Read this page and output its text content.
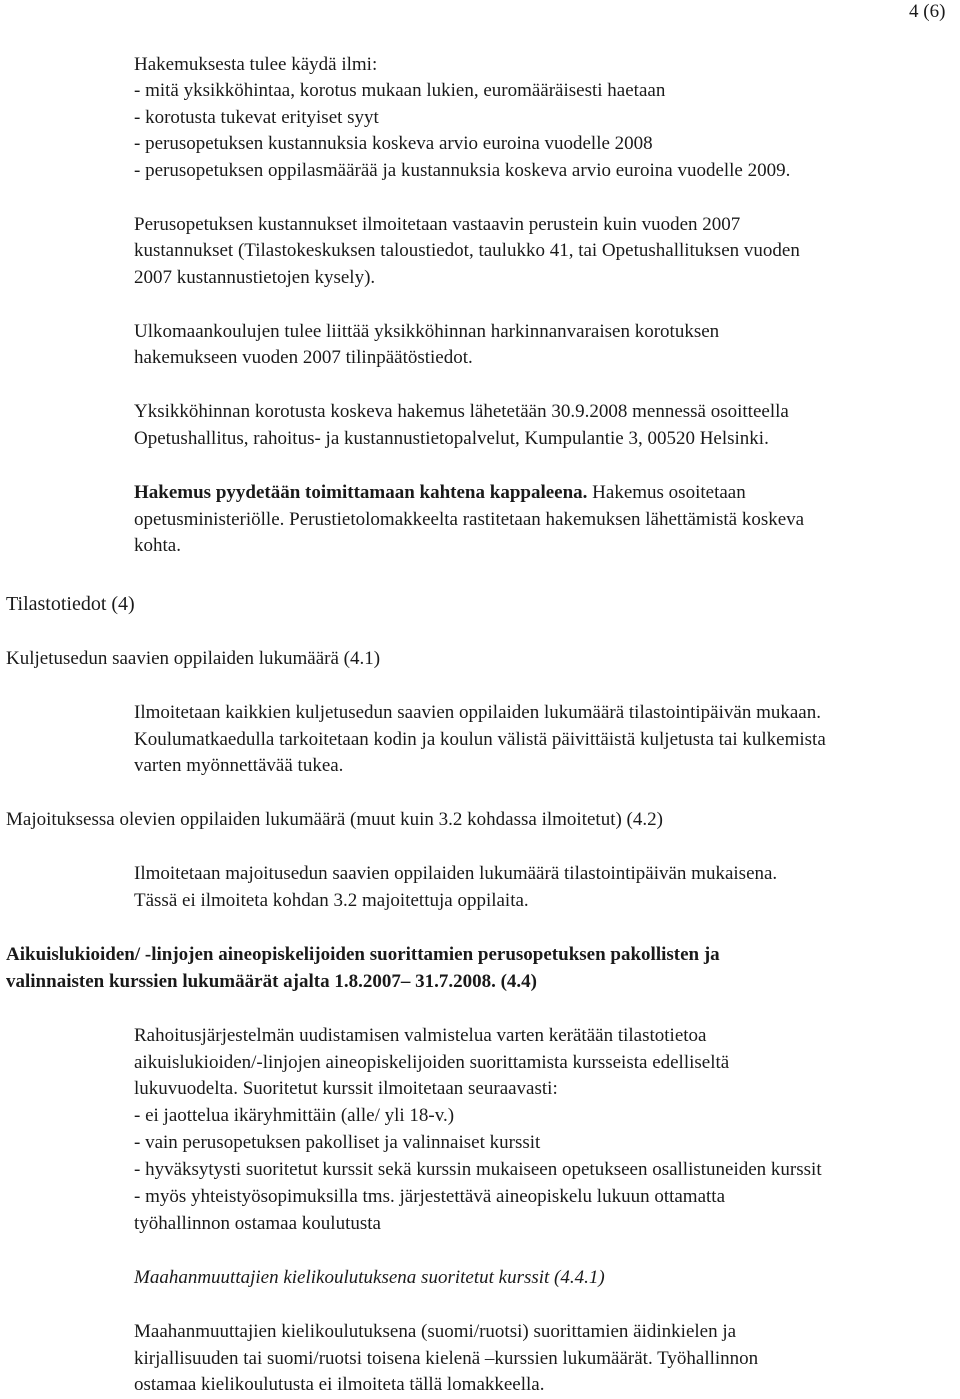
4 (6)
Hakemuksesta tulee käydä ilmi:
- mitä yksikköhintaa, korotus mukaan lukien, euromääräisesti haetaan
- korotusta tukevat erityiset syyt
- perusopetuksen kustannuksia koskeva arvio euroina vuodelle 2008
- perusopetuksen oppilasmäärää ja kustannuksia koskeva arvio euroina vuodelle 2009.
Perusopetuksen kustannukset ilmoitetaan vastaavin perustein kuin vuoden 2007
kustannukset (Tilastokeskuksen taloustiedot, taulukko 41, tai Opetushallituksen vuoden
2007 kustannustietojen kysely).
Ulkomaankoulujen tulee liittää yksikköhinnan harkinnanvaraisen korotuksen
hakemukseen vuoden 2007 tilinpäätöstiedot.
Yksikköhinnan korotusta koskeva hakemus lähetetään 30.9.2008 mennessä osoitteella
Opetushallitus, rahoitus- ja kustannustietopalvelut, Kumpulantie 3, 00520 Helsinki.
Hakemus pyydetään toimittamaan kahtena kappaleena. Hakemus osoitetaan
opetusministeriölle. Perustietolomakkeelta rastitetaan hakemuksen lähettämistä koskeva
kohta.
Tilastotiedot (4)
Kuljetusedun saavien oppilaiden lukumäärä (4.1)
Ilmoitetaan kaikkien kuljetusedun saavien oppilaiden lukumäärä tilastointipäivän mukaan.
Koulumatkaedulla tarkoitetaan kodin ja koulun välistä päivittäistä kuljetusta tai kulkemista
varten myönnettävää tukea.
Majoituksessa olevien oppilaiden lukumäärä (muut kuin 3.2 kohdassa ilmoitetut) (4.2)
Ilmoitetaan majoitusedun saavien oppilaiden lukumäärä tilastointipäivän mukaisena.
Tässä ei ilmoiteta kohdan 3.2 majoitettuja oppilaita.
Aikuislukioiden/ -linjojen aineopiskelijoiden suorittamien perusopetuksen pakollisten ja
valinnaisten kurssien lukumäärät ajalta 1.8.2007– 31.7.2008. (4.4)
Rahoitusjärjestelmän uudistamisen valmistelua varten kerätään tilastotietoa
aikuislukioiden/-linjojen aineopiskelijoiden suorittamista kursseista edelliseltä
lukuvuodelta. Suoritetut kurssit ilmoitetaan seuraavasti:
- ei jaottelua ikäryhmittäin (alle/ yli 18-v.)
- vain perusopetuksen pakolliset ja valinnaiset kurssit
- hyväksytysti suoritetut kurssit sekä kurssin mukaiseen opetukseen osallistuneiden kurssit
- myös yhteistyösopimuksilla tms. järjestettävä aineopiskelu lukuun ottamatta
työhallinnon ostamaa koulutusta
Maahanmuuttajien kielikoulutuksena suoritetut kurssit (4.4.1)
Maahanmuuttajien kielikoulutuksena (suomi/ruotsi) suorittamien äidinkielen ja
kirjallisuuden tai suomi/ruotsi toisena kielenä –kurssien lukumäärät. Työhallinnon
ostamaa kielikoulutusta ei ilmoiteta tällä lomakkeella.
